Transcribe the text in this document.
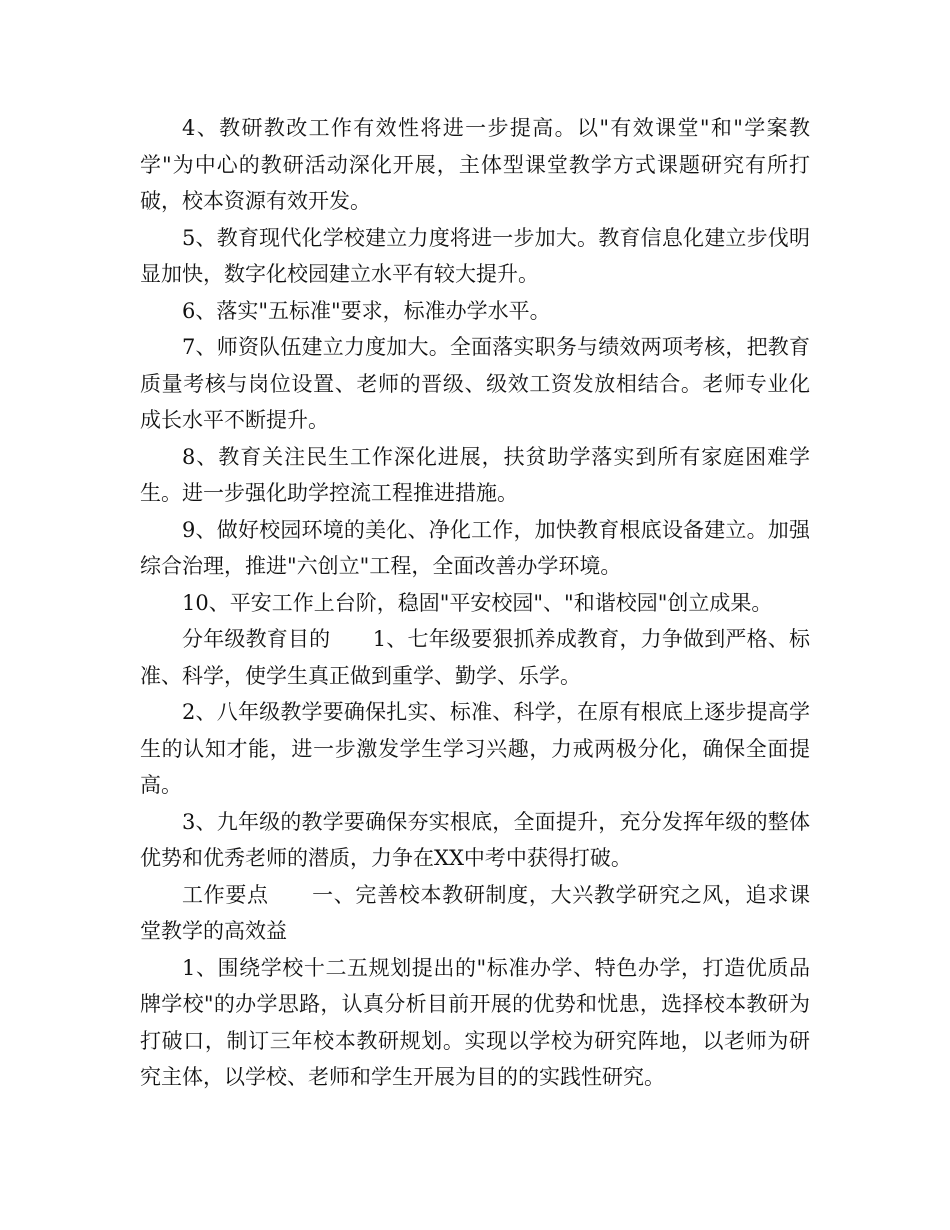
4、教研教改工作有效性将进一步提高。以"有效课堂"和"学案教学"为中心的教研活动深化开展，主体型课堂教学方式课题研究有所打破，校本资源有效开发。

5、教育现代化学校建立力度将进一步加大。教育信息化建立步伐明显加快，数字化校园建立水平有较大提升。

6、落实"五标准"要求，标准办学水平。

7、师资队伍建立力度加大。全面落实职务与绩效两项考核，把教育质量考核与岗位设置、老师的晋级、级效工资发放相结合。老师专业化成长水平不断提升。

8、教育关注民生工作深化进展，扶贫助学落实到所有家庭困难学生。进一步强化助学控流工程推进措施。

9、做好校园环境的美化、净化工作，加快教育根底设备建立。加强综合治理，推进"六创立"工程，全面改善办学环境。

10、平安工作上台阶，稳固"平安校园"、"和谐校园"创立成果。

分年级教育目的　　1、七年级要狠抓养成教育，力争做到严格、标准、科学，使学生真正做到重学、勤学、乐学。

2、八年级教学要确保扎实、标准、科学，在原有根底上逐步提高学生的认知才能，进一步激发学生学习兴趣，力戒两极分化，确保全面提高。

3、九年级的教学要确保夯实根底，全面提升，充分发挥年级的整体优势和优秀老师的潜质，力争在XX中考中获得打破。

工作要点　　一、完善校本教研制度，大兴教学研究之风，追求课堂教学的高效益

1、围绕学校十二五规划提出的"标准办学、特色办学，打造优质品牌学校"的办学思路，认真分析目前开展的优势和忧患，选择校本教研为打破口，制订三年校本教研规划。实现以学校为研究阵地，以老师为研究主体，以学校、老师和学生开展为目的的实践性研究。
